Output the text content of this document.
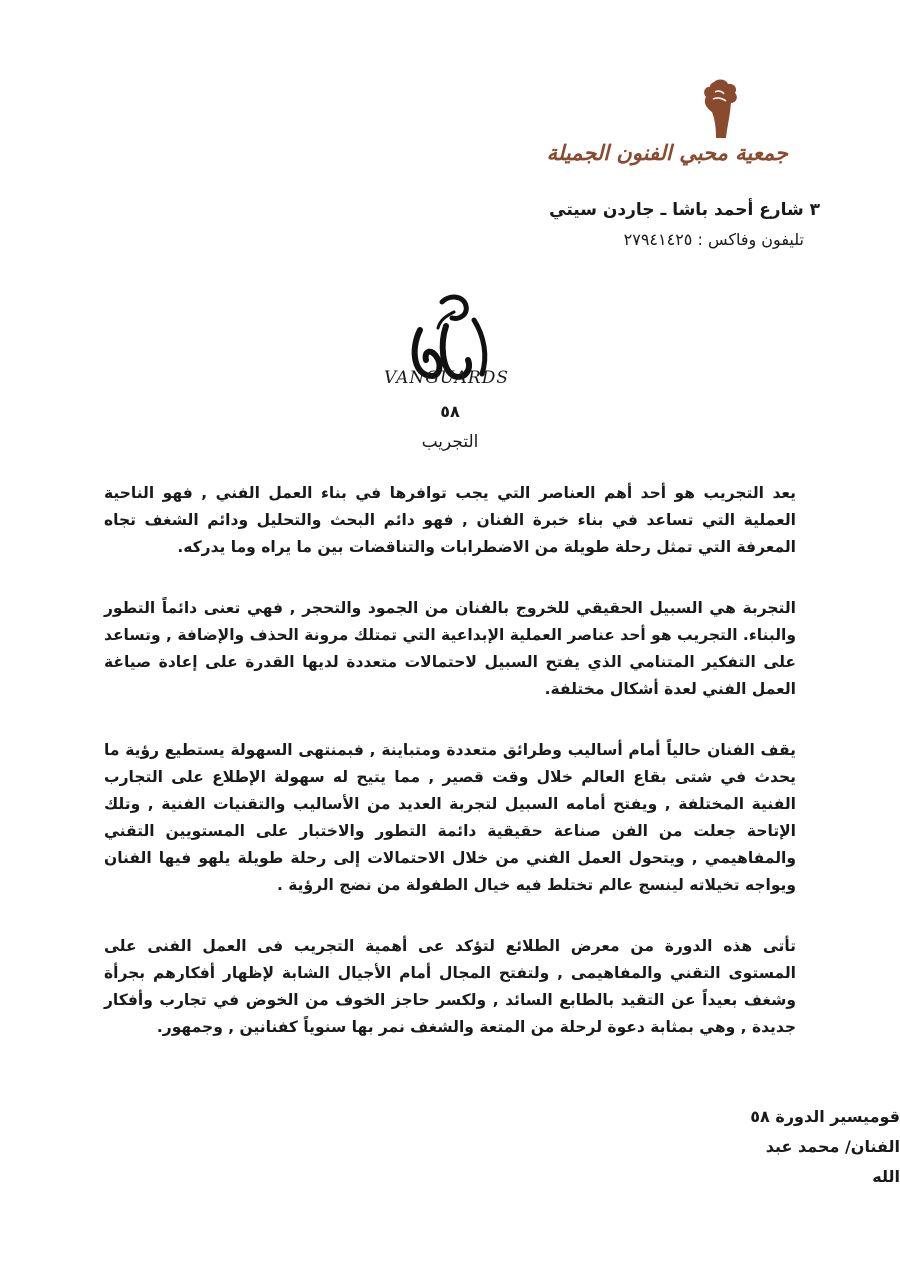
جمعية محبي الفنون الجميلة
٣ شارع أحمد باشا ـ جاردن سيتي
تليفون وفاكس : ٢٧٩٤١٤٢٥
VANGUARDS
٥٨
التجريب

يعد التجريب هو أحد أهم العناصر التي يجب توافرها في بناء العمل الفني , فهو الناحية العملية التي تساعد في بناء خبرة الفنان , فهو دائم البحث والتحليل ودائم الشغف تجاه المعرفة التي تمثل رحلة طويلة من الاضطرابات والتناقضات بين ما يراه وما يدركه.

التجربة هي السبيل الحقيقي للخروج بالفنان من الجمود والتحجر , فهي تعنى دائماً التطور والبناء. التجريب هو أحد عناصر العملية الإبداعية التي تمتلك مرونة الحذف والإضافة , وتساعد على التفكير المتنامي الذي يفتح السبيل لاحتمالات متعددة لديها القدرة على إعادة صياغة العمل الفني لعدة أشكال مختلفة.

يقف الفنان حالياً أمام أساليب وطرائق متعددة ومتباينة , فبمنتهى السهولة يستطيع رؤية ما يحدث في شتى بقاع العالم خلال وقت قصير , مما يتيح له سهولة الإطلاع على التجارب الفنية المختلفة , ويفتح أمامه السبيل لتجربة العديد من الأساليب والتقنيات الفنية , وتلك الإتاحة جعلت من الفن صناعة حقيقية دائمة التطور والاختبار على المستويين التقني والمفاهيمي , ويتحول العمل الفني من خلال الاحتمالات إلى رحلة طويلة يلهو فيها الفنان ويواجه تخيلاته لينسج عالم تختلط فيه خيال الطفولة من نضج الرؤية .

تأتى هذه الدورة من معرض الطلائع لتؤكد عى أهمية التجريب فى العمل الفنى على المستوى التقني والمفاهيمى , ولتفتح المجال أمام الأجيال الشابة لإظهار أفكارهم بجرأة وشغف بعيداً عن التقيد بالطابع السائد , ولكسر حاجز الخوف من الخوض في تجارب وأفكار جديدة , وهي بمثابة دعوة لرحلة من المتعة والشغف نمر بها سنوياً كفنانين , وجمهور.

قوميسير الدورة ٥٨
الفنان/ محمد عبد الله
